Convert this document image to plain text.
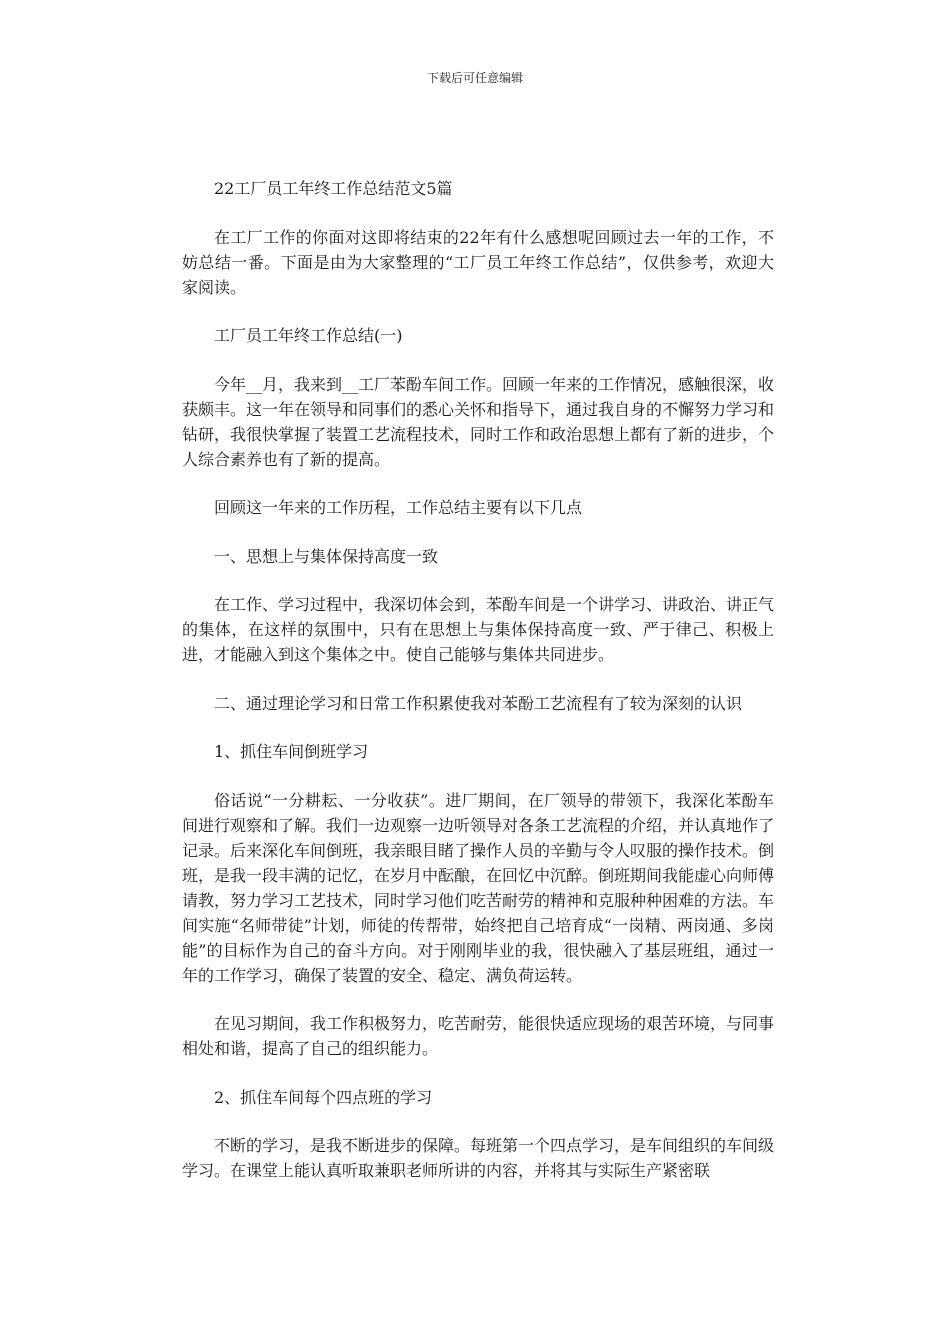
下载后可任意编辑

22工厂员工年终工作总结范文5篇

在工厂工作的你面对这即将结束的22年有什么感想呢回顾过去一年的工作，不妨总结一番。下面是由为大家整理的“工厂员工年终工作总结”，仅供参考，欢迎大家阅读。

工厂员工年终工作总结(一)

今年__月，我来到__工厂苯酚车间工作。回顾一年来的工作情况，感触很深，收获颇丰。这一年在领导和同事们的悉心关怀和指导下，通过我自身的不懈努力学习和钻研，我很快掌握了装置工艺流程技术，同时工作和政治思想上都有了新的进步，个人综合素养也有了新的提高。

回顾这一年来的工作历程，工作总结主要有以下几点

一、思想上与集体保持高度一致

在工作、学习过程中，我深切体会到，苯酚车间是一个讲学习、讲政治、讲正气的集体，在这样的氛围中，只有在思想上与集体保持高度一致、严于律己、积极上进，才能融入到这个集体之中。使自己能够与集体共同进步。

二、通过理论学习和日常工作积累使我对苯酚工艺流程有了较为深刻的认识

1、抓住车间倒班学习

俗话说“一分耕耘、一分收获”。进厂期间，在厂领导的带领下，我深化苯酚车间进行观察和了解。我们一边观察一边听领导对各条工艺流程的介绍，并认真地作了记录。后来深化车间倒班，我亲眼目睹了操作人员的辛勤与令人叹服的操作技术。倒班，是我一段丰满的记忆，在岁月中酝酿，在回忆中沉醉。倒班期间我能虚心向师傅请教，努力学习工艺技术，同时学习他们吃苦耐劳的精神和克服种种困难的方法。车间实施“名师带徒”计划，师徒的传帮带，始终把自己培育成“一岗精、两岗通、多岗能”的目标作为自己的奋斗方向。对于刚刚毕业的我，很快融入了基层班组，通过一年的工作学习，确保了装置的安全、稳定、满负荷运转。

在见习期间，我工作积极努力，吃苦耐劳，能很快适应现场的艰苦环境，与同事相处和谐，提高了自己的组织能力。

2、抓住车间每个四点班的学习

不断的学习，是我不断进步的保障。每班第一个四点学习，是车间组织的车间级学习。在课堂上能认真听取兼职老师所讲的内容，并将其与实际生产紧密联
